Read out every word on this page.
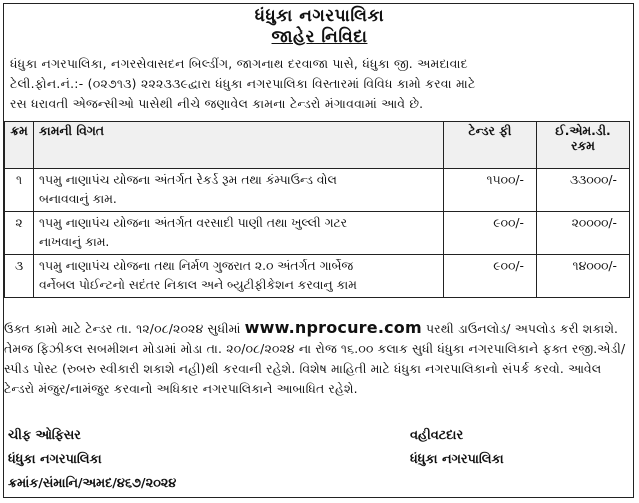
ધંધુકા નગરપાલિકા
જાહેર નિવિદા
ધંધુકા નગરપાલિકા, નગરસેવાસદન બિલ્ડીંગ, જાગનાથ દરવાજા પાસે, ધંધુકા જી. અમદાવાદ
ટેલી.ફોન.નં.:- (૦૨૭૧૩) ૨૨૨૩૩૯દ્વારા ધંધુકા નગરપાલિકા વિસ્તારમાં વિવિધ કામો કરવા માટે
રસ ધરાવતી એજન્સીઓ પાસેથી નીચે જણાવેલ કામના ટેન્ડરો મંગાવવામાં આવે છે.
ક્રમ	કામની વિગત	ટેન્ડર ફી	ઈ.એમ.ડી.
રકમ

૧	૧૫મુ નાણાપંચ યોજના અંતર્ગત રેકર્ડ રૂમ તથા કંમ્પાઉન્ડ વોલ
બનાવવાનું કામ.	૧૫૦૦/-	૩૩૦૦૦/-
૨	૧૫મુ નાણાપંચ યોજના અંતર્ગત વરસાદી પાણી તથા ખુલ્લી ગટર
નાખવાનું કામ.	૯૦૦/-	૨૦૦૦૦/-
૩	૧૫મુ નાણાપંચ યોજના તથા નિર્મળ ગુજરાત ૨.૦ અંતર્ગત ગાર્બેજ
વર્નેબલ પોઈન્ટનો સદંતર નિકાલ અને બ્યુટીફીકેશન કરવાનુ કામ	૯૦૦/-	૧૪૦૦૦/-
ઉક્ત કામો માટે ટેન્ડર તા. ૧૨/૦૮/૨૦૨૪ સુધીમાં www.nprocure.com પરથી ડાઉનલોડ/ અપલોડ કરી શકાશે. તેમજ ફિઝીકલ સબમીશન મોડામાં મોડા તા. ૨૦/૦૮/૨૦૨૪ ના રોજ ૧૬.૦૦ કલાક સુધી ધંધુકા નગરપાલિકાને ફક્ત રજી.એડી/સ્પીડ પોસ્ટ (રુબરુ સ્વીકારી શકાશે નહી)થી કરવાની રહેશે. વિશેષ માહિતી માટે ધંધુકા નગરપાલિકાનો સંપર્ક કરવો. આવેલ ટેન્ડરો મંજુર/નામંજુર કરવાનો અધિકાર નગરપાલિકાને આબાધિત રહેશે.
ચીફ ઓફિસર
ધંધુકા નગરપાલિકા
વહીવટદાર
ધંધુકા નગરપાલિકા
ક્રમાંક/સંમાનિ/અમદ/૪૬૭/૨૦૨૪
